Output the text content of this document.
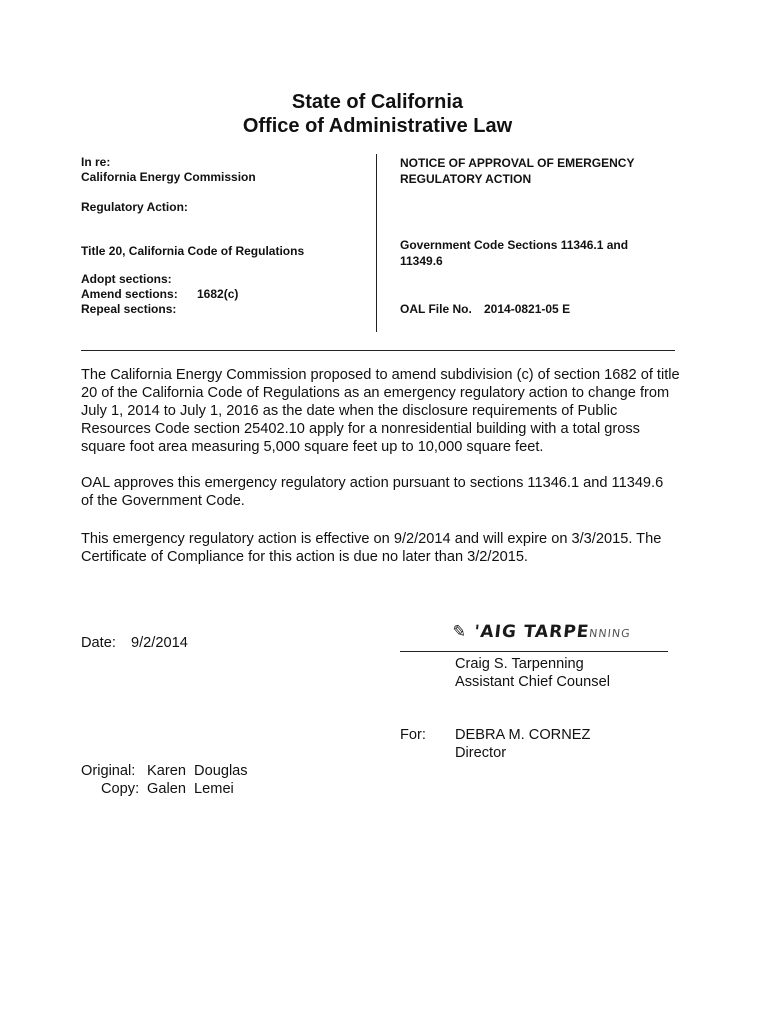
State of California
Office of Administrative Law
In re:
California Energy Commission
Regulatory Action:
Title 20, California Code of Regulations
Adopt sections:
Amend sections: 1682(c)
Repeal sections:
NOTICE OF APPROVAL OF EMERGENCY
REGULATORY ACTION
Government Code Sections 11346.1 and
11349.6
OAL File No. 2014-0821-05 E
The California Energy Commission proposed to amend subdivision (c) of section 1682 of title 20 of the California Code of Regulations as an emergency regulatory action to change from July 1, 2014 to July 1, 2016 as the date when the disclosure requirements of Public Resources Code section 25402.10 apply for a nonresidential building with a total gross square foot area measuring 5,000 square feet up to 10,000 square feet.
OAL approves this emergency regulatory action pursuant to sections 11346.1 and 11349.6 of the Government Code.
This emergency regulatory action is effective on 9/2/2014 and will expire on 3/3/2015. The Certificate of Compliance for this action is due no later than 3/2/2015.
Date: 9/2/2014
✎ 'AIG TARPENNING
Craig S. Tarpenning
Assistant Chief Counsel
For: DEBRA M. CORNEZ
Director
Original: Karen  Douglas
Copy: Galen  Lemei
